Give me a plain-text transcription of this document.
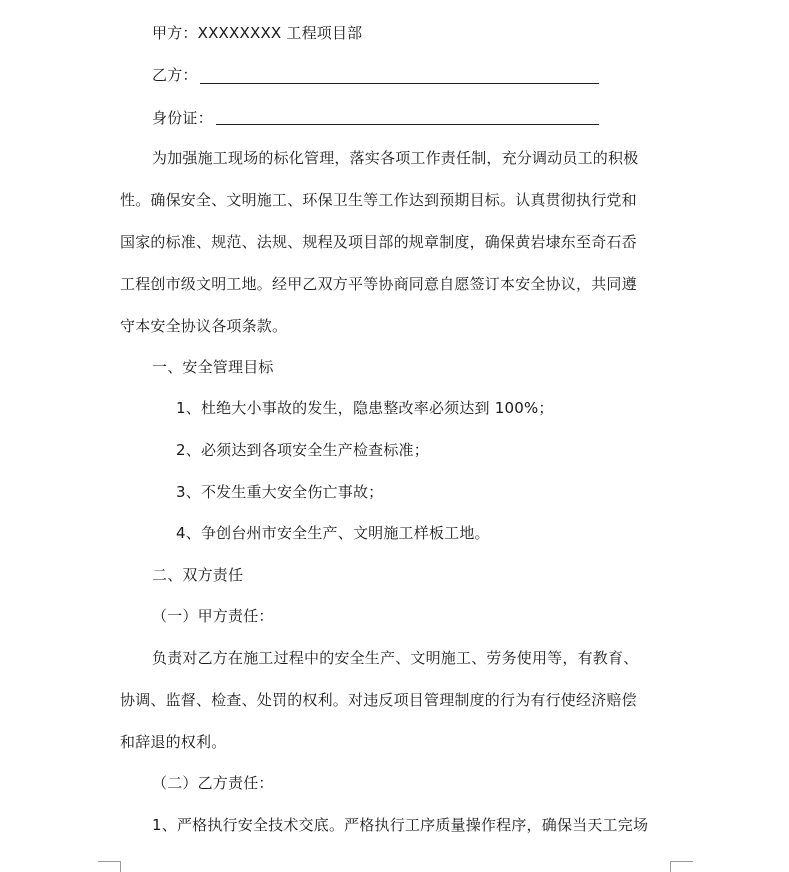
甲方：XXXXXXXX 工程项目部
乙方：
身份证：
为加强施工现场的标化管理，落实各项工作责任制，充分调动员工的积极
性。确保安全、文明施工、环保卫生等工作达到预期目标。认真贯彻执行党和
国家的标准、规范、法规、规程及项目部的规章制度，确保黄岩埭东至奇石岙
工程创市级文明工地。经甲乙双方平等协商同意自愿签订本安全协议，共同遵
守本安全协议各项条款。
一、安全管理目标
1、杜绝大小事故的发生，隐患整改率必须达到 100%；
2、必须达到各项安全生产检查标准；
3、不发生重大安全伤亡事故；
4、争创台州市安全生产、文明施工样板工地。
二、双方责任
（一）甲方责任：
负责对乙方在施工过程中的安全生产、文明施工、劳务使用等，有教育、
协调、监督、检查、处罚的权利。对违反项目管理制度的行为有行使经济赔偿
和辞退的权利。
（二）乙方责任：
1、严格执行安全技术交底。严格执行工序质量操作程序，确保当天工完场
